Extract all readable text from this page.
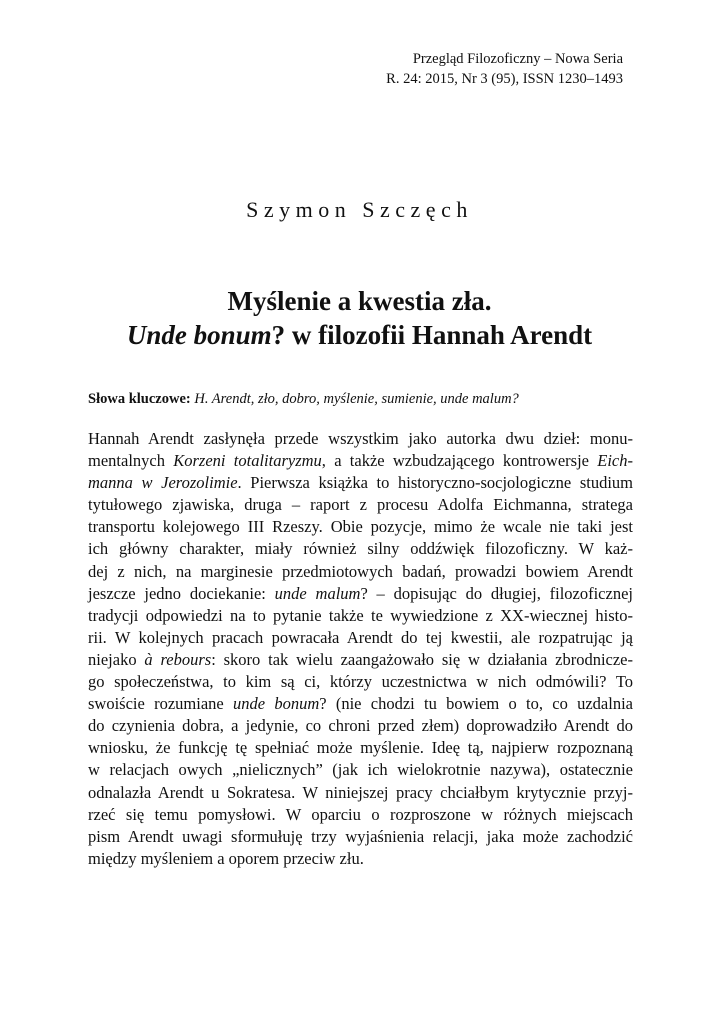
Przegląd Filozoficzny – Nowa Seria
R. 24: 2015, Nr 3 (95), ISSN 1230–1493
Szymon Szczęch
Myślenie a kwestia zła.
Unde bonum? w filozofii Hannah Arendt
Słowa kluczowe: H. Arendt, zło, dobro, myślenie, sumienie, unde malum?
Hannah Arendt zasłynęła przede wszystkim jako autorka dwu dzieł: monu-
mentalnych Korzeni totalitaryzmu, a także wzbudzającego kontrowersje Eich-
manna w Jerozolimie. Pierwsza książka to historyczno-socjologiczne studium
tytułowego zjawiska, druga – raport z procesu Adolfa Eichmanna, stratega
transportu kolejowego III Rzeszy. Obie pozycje, mimo że wcale nie taki jest
ich główny charakter, miały również silny oddźwięk filozoficzny. W każ-
dej z nich, na marginesie przedmiotowych badań, prowadzi bowiem Arendt
jeszcze jedno dociekanie: unde malum? – dopisując do długiej, filozoficznej
tradycji odpowiedzi na to pytanie także te wywiedzione z XX-wiecznej histo-
rii. W kolejnych pracach powracała Arendt do tej kwestii, ale rozpatrując ją
niejako à rebours: skoro tak wielu zaangażowało się w działania zbrodnicze-
go społeczeństwa, to kim są ci, którzy uczestnictwa w nich odmówili? To
swoiście rozumiane unde bonum? (nie chodzi tu bowiem o to, co uzdalnia
do czynienia dobra, a jedynie, co chroni przed złem) doprowadziło Arendt do
wniosku, że funkcję tę spełniać może myślenie. Ideę tą, najpierw rozpoznaną
w relacjach owych „nielicznych” (jak ich wielokrotnie nazywa), ostatecznie
odnalazła Arendt u Sokratesa. W niniejszej pracy chciałbym krytycznie przyj-
rzeć się temu pomysłowi. W oparciu o rozproszone w różnych miejscach
pism Arendt uwagi sformułuję trzy wyjaśnienia relacji, jaka może zachodzić
między myśleniem a oporem przeciw złu.
